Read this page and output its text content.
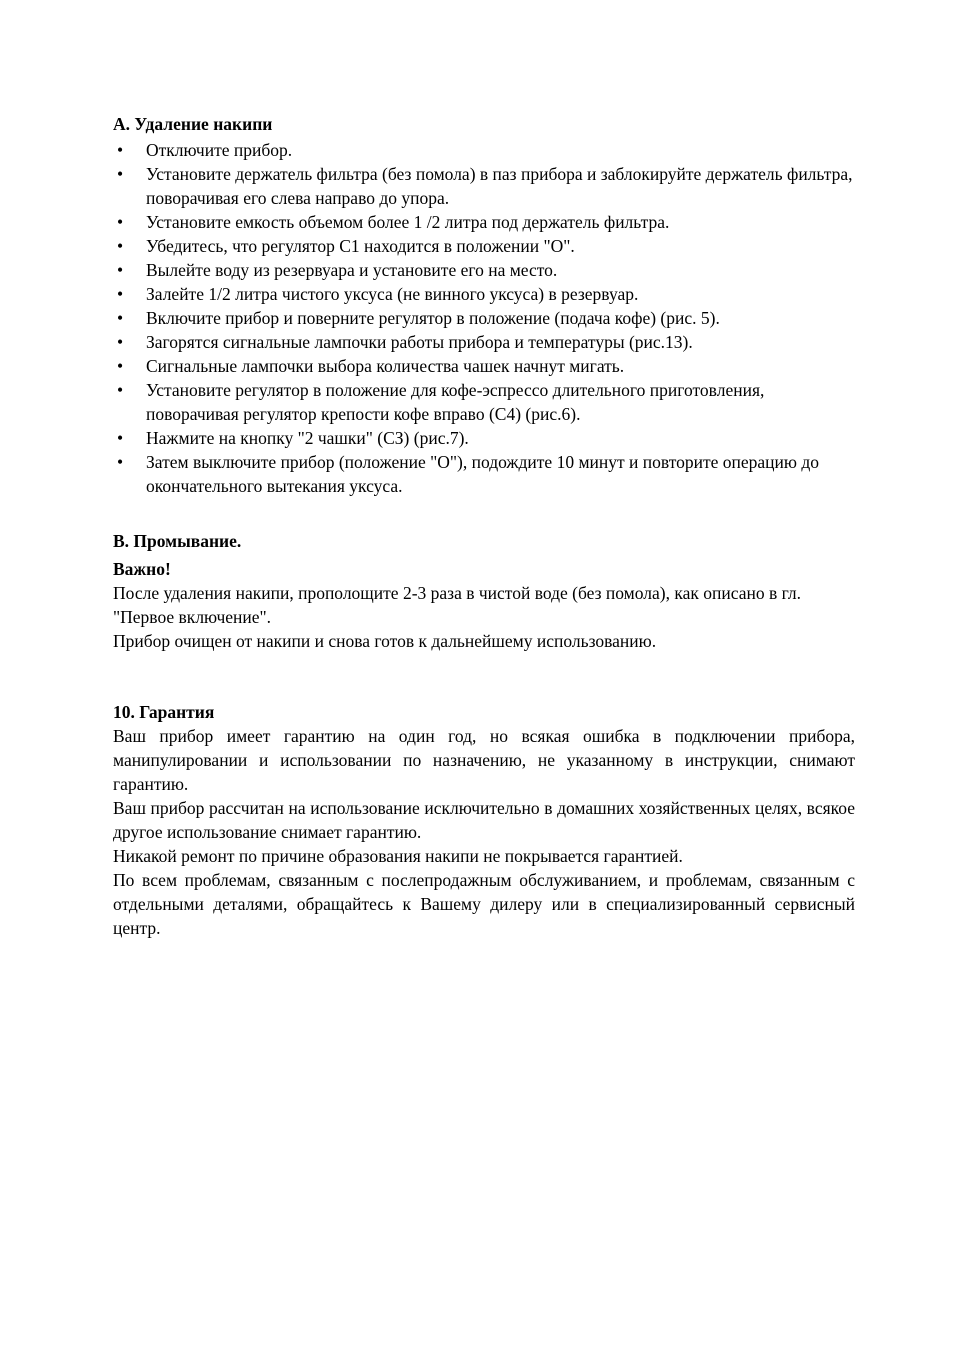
А. Удаление накипи
• Отключите прибор.
• Установите держатель фильтра (без помола) в паз прибора и заблокируйте держатель фильтра, поворачивая его слева направо до упора.
• Установите емкость объемом более 1 /2 литра под держатель фильтра.
• Убедитесь, что регулятор С1 находится в положении "О".
• Вылейте воду из резервуара и установите его на место.
• Залейте 1/2 литра чистого уксуса (не винного уксуса) в резервуар.
• Включите прибор и поверните регулятор в положение (подача кофе) (рис. 5).
• Загорятся сигнальные лампочки работы прибора и температуры (рис.13).
• Сигнальные лампочки выбора количества чашек начнут мигать.
• Установите регулятор в положение для кофе-эспрессо длительного приготовления, поворачивая регулятор крепости кофе вправо (С4) (рис.6).
• Нажмите на кнопку "2 чашки" (СЗ) (рис.7).
• Затем выключите прибор (положение "О"), подождите 10 минут и повторите операцию до окончательного вытекания уксуса.
В. Промывание.

Важно!

После удаления накипи, прополощите 2-3 раза в чистой воде (без помола), как описано в гл. "Первое включение".

Прибор очищен от накипи и снова готов к дальнейшему использованию.

10. Гарантия

Ваш прибор имеет гарантию на один год, но всякая ошибка в подключении прибора, манипулировании и использовании по назначению, не указанному в инструкции, снимают гарантию.

Ваш прибор рассчитан на использование исключительно в домашних хозяйственных целях, всякое другое использование снимает гарантию.

Никакой ремонт по причине образования накипи не покрывается гарантией.

По всем проблемам, связанным с послепродажным обслуживанием, и проблемам, связанным с отдельными деталями, обращайтесь к Вашему дилеру или в специализированный сервисный центр.
